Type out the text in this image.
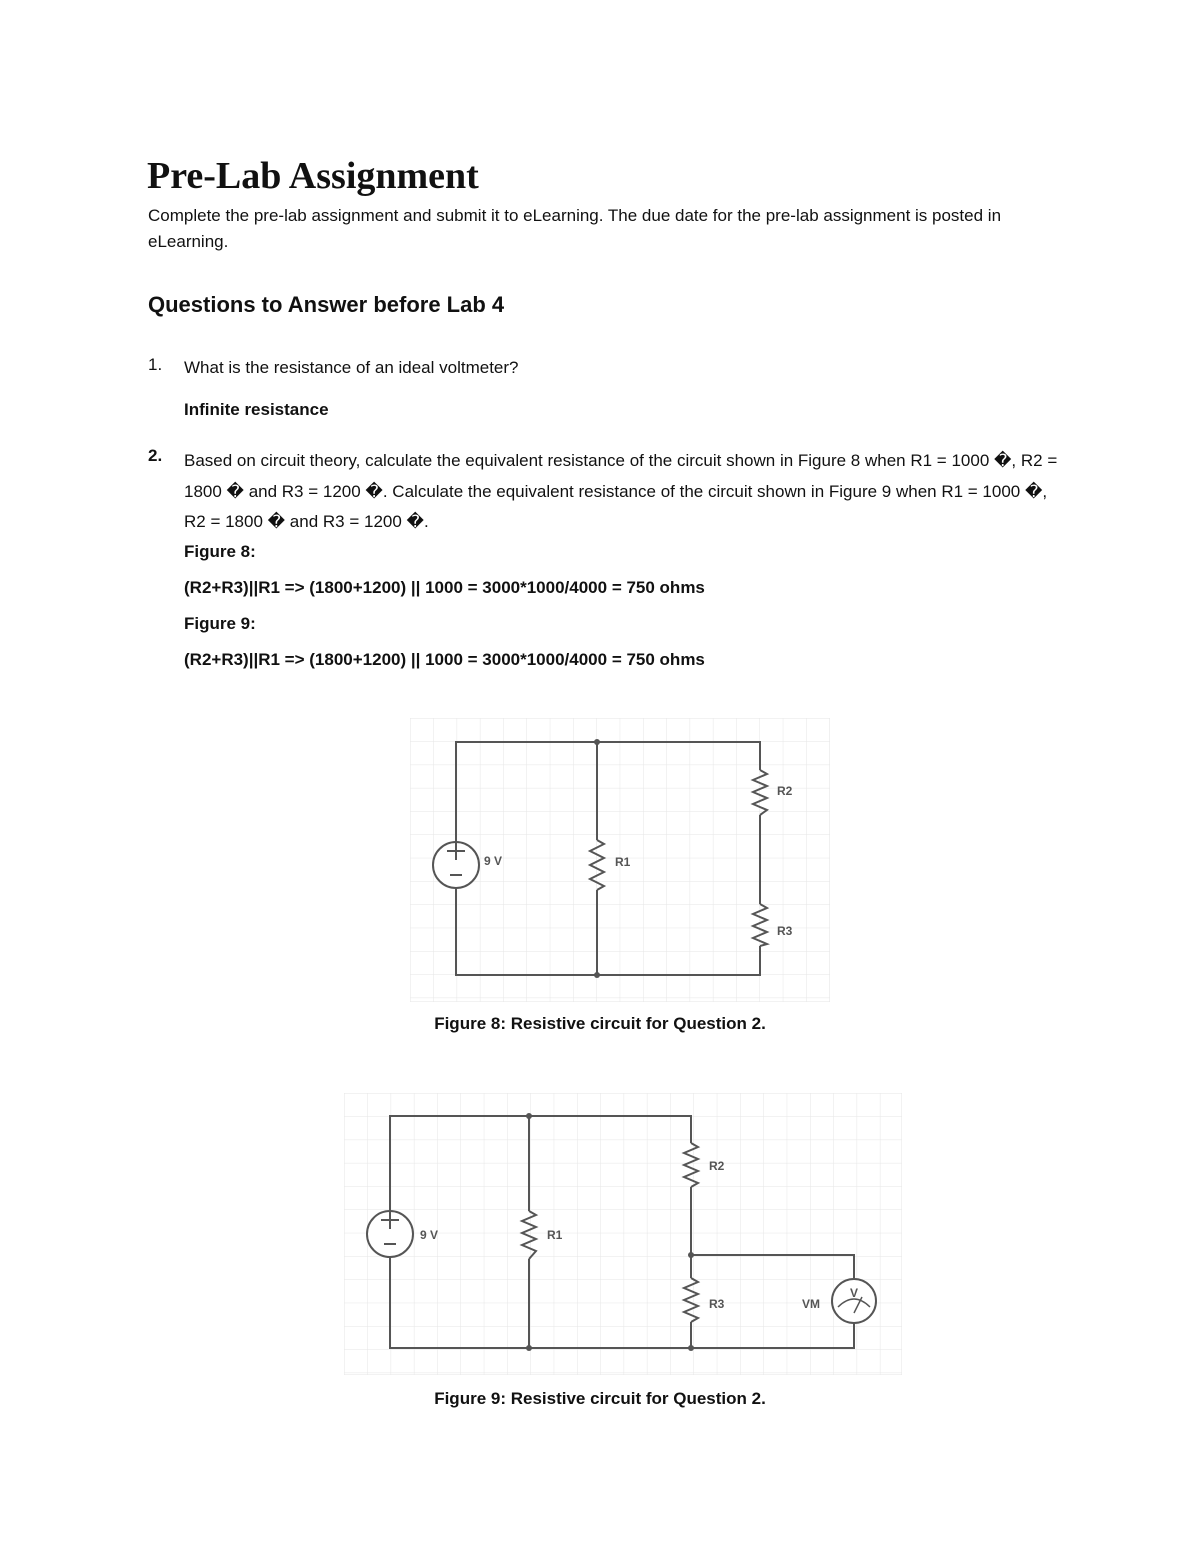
Pre-Lab Assignment
Complete the pre-lab assignment and submit it to eLearning. The due date for the pre-lab assignment is posted in eLearning.
Questions to Answer before Lab 4
1. What is the resistance of an ideal voltmeter?
Infinite resistance
2. Based on circuit theory, calculate the equivalent resistance of the circuit shown in Figure 8 when R1 = 1000 �, R2 = 1800 � and R3 = 1200 �. Calculate the equivalent resistance of the circuit shown in Figure 9 when R1 = 1000 �, R2 = 1800 � and R3 = 1200 �.
Figure 8:
(R2+R3)||R1 => (1800+1200) || 1000 = 3000*1000/4000 = 750 ohms
Figure 9:
(R2+R3)||R1 => (1800+1200) || 1000 = 3000*1000/4000 = 750 ohms
9 V	R1
R2
R3
Figure 8: Resistive circuit for Question 2.
9 V	R1
R2
R3
V
VM
Figure 9: Resistive circuit for Question 2.
